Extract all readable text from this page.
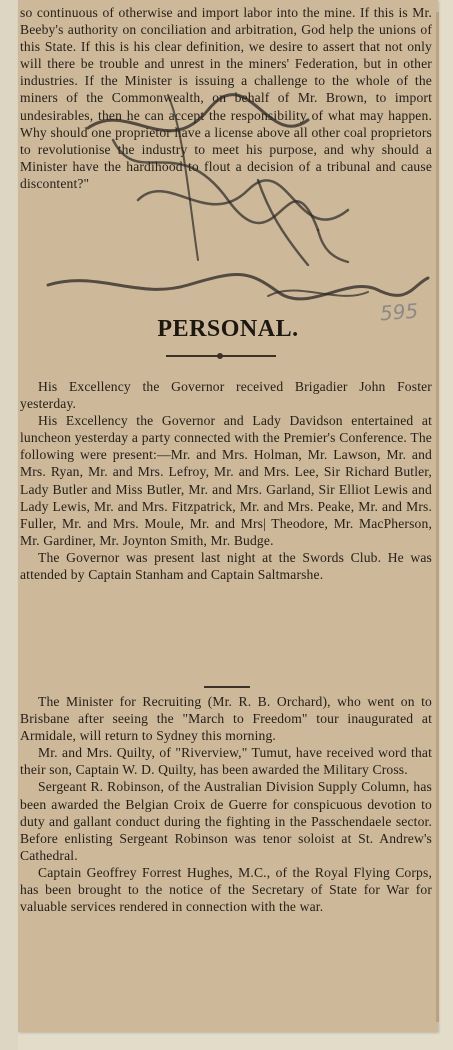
so continuous of otherwise and import labor into the mine. If this is Mr. Beeby's authority on conciliation and arbitration, God help the unions of this State. If this is his clear definition, we desire to assert that not only will there be trouble and unrest in the miners' Federation, but in other industries. If the Minister is issuing a challenge to the whole of the miners of the Commonwealth, on behalf of Mr. Brown, to import undesirables, then he can accept the responsibility of what may happen. Why should one proprietor have a license above all other coal proprietors to revolutionise the industry to meet his purpose, and why should a Minister have the hardihood to flout a decision of a tribunal and cause discontent?"

595
PERSONAL.

His Excellency the Governor received Brigadier John Foster yesterday.

His Excellency the Governor and Lady Davidson entertained at luncheon yesterday a party connected with the Premier's Conference. The following were present:—Mr. and Mrs. Holman, Mr. Lawson, Mr. and Mrs. Ryan, Mr. and Mrs. Lefroy, Mr. and Mrs. Lee, Sir Richard Butler, Lady Butler and Miss Butler, Mr. and Mrs. Garland, Sir Elliot Lewis and Lady Lewis, Mr. and Mrs. Fitzpatrick, Mr. and Mrs. Peake, Mr. and Mrs. Fuller, Mr. and Mrs. Moule, Mr. and Mrs| Theodore, Mr. MacPherson, Mr. Gardiner, Mr. Joynton Smith, Mr. Budge.

The Governor was present last night at the Swords Club. He was attended by Captain Stanham and Captain Saltmarshe.

The Minister for Recruiting (Mr. R. B. Orchard), who went on to Brisbane after seeing the "March to Freedom" tour inaugurated at Armidale, will return to Sydney this morning.

Mr. and Mrs. Quilty, of "Riverview," Tumut, have received word that their son, Captain W. D. Quilty, has been awarded the Military Cross.

Sergeant R. Robinson, of the Australian Division Supply Column, has been awarded the Belgian Croix de Guerre for conspicuous devotion to duty and gallant conduct during the fighting in the Passchendaele sector. Before enlisting Sergeant Robinson was tenor soloist at St. Andrew's Cathedral.

Captain Geoffrey Forrest Hughes, M.C., of the Royal Flying Corps, has been brought to the notice of the Secretary of State for War for valuable services rendered in connection with the war.
